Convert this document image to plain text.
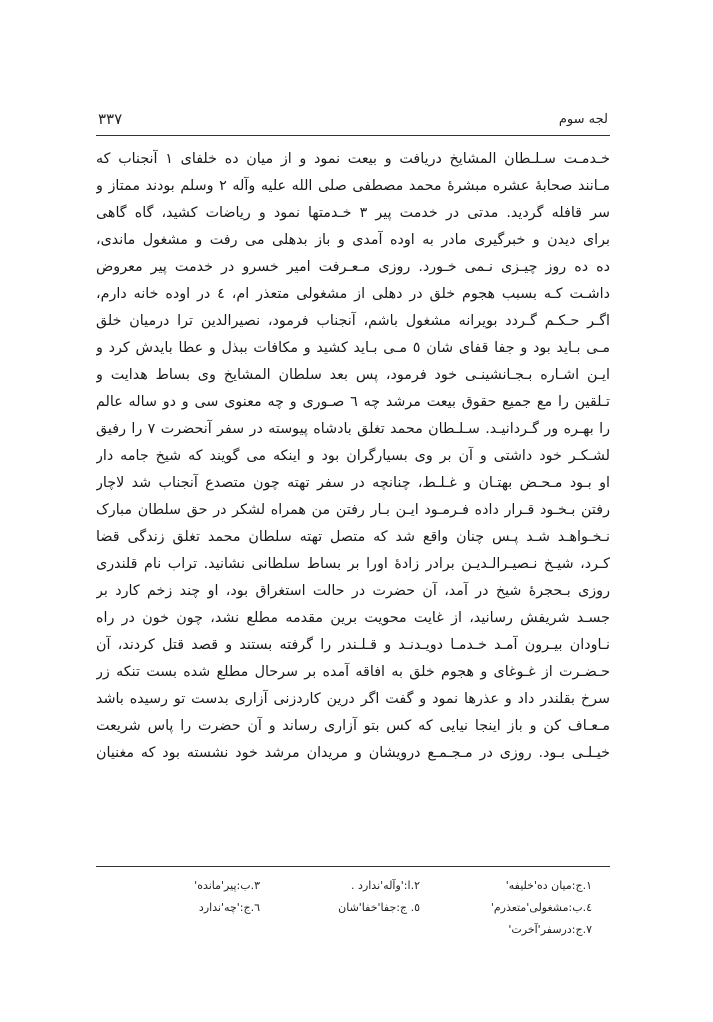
لجه سوم
۳۳۷
خـدمـت سـلـطان المشایخ دریافت و بیعت نمود و از میان ده خلفای ۱ آنجناب که
مـانند صحابهٔ عشره مبشرهٔ محمد مصطفی صلی الله علیه وآله ۲ وسلم بودند ممتاز و
سر قافله گردید. مدتی در خدمت پیر ۳ خـدمتها نمود و ریاضات کشید، گاه گاهی
برای دیدن و خبرگیری مادر به اوده آمدی و باز بدهلی می رفت و مشغول ماندی،
ده ده روز چیـزی نـمی خـورد. روزی مـعـرفت امیر خسرو در خدمت پیر معروض
داشـت کـه بسبب هجوم خلق در دهلی از مشغولی متعذر ام، ٤ در اوده خانه دارم،
اگـر حـکـم گـردد بویرانه مشغول باشم، آنجناب فرمود، نصیرالدین ترا درمیان خلق
مـی بـاید بود و جفا قفای شان ٥ مـی بـاید کشید و مکافات ببذل و عطا بایدش کرد و
ایـن اشـاره بـجـانشینـی خود فرمود، پس بعد سلطان المشایخ وی بساط هدایت و
تـلقین را مع جمیع حقوق بیعت مرشد چه ٦ صـوری و چه معنوی سی و دو ساله عالم
را بهـره ور گـردانیـد. سـلـطان محمد تغلق بادشاه پیوسته در سفر آنحضرت ۷ را رفیق
لشـکـر خود داشتی و آن بر وی بسیارگران بود و اینکه می گویند که شیخ جامه دار
او بـود مـحـض بهتـان و غـلـط، چنانچه در سفر تهته چون متصدع آنجناب شد لاچار
رفتن بـخـود قـرار داده فـرمـود ایـن بـار رفتن من همراه لشکر در حق سلطان مبارک
نـخـواهـد شـد پـس چنان واقع شد که متصل تهته سلطان محمد تغلق زندگی قضا
کـرد، شیـخ نـصیـرالـدیـن برادر زادهٔ اورا بر بساط سلطانی نشانید. تراب نام قلندری
روزی بـحجرهٔ شیخ در آمد، آن حضرت در حالت استغراق بود، او چند زخم کارد بر
جسـد شریفش رسانید، از غایت محویت برین مقدمه مطلع نشد، چون خون در راه
نـاودان بیـرون آمـد خـدمـا دویـدنـد و قـلـندر را گرفته بستند و قصد قتل کردند، آن
حـضـرت از غـوغای و هجوم خلق به افاقه آمده بر سرحال مطلع شده بست تنکه زر
سرخ بقلندر داد و عذرها نمود و گفت اگر درین کاردزنی آزاری بدست تو رسیده باشد
مـعـاف کن و باز اینجا نیایی که کس بتو آزاری رساند و آن حضرت را پاس شریعت
خیـلـی بـود. روزی در مـجـمـع درویشان و مریدان مرشد خود نشسته بود که مغنیان
۱.ج:میان ده'خلیفه'
۲.ا:'وآله'ندارد .
۳.ب:پیر'مانده'
٤.ب:مشغولی'متعذرم'
٥. ج:جفا'خفا'شان
٦.ج:'چه'ندارد
۷.ج:درسفر'آخرت'
